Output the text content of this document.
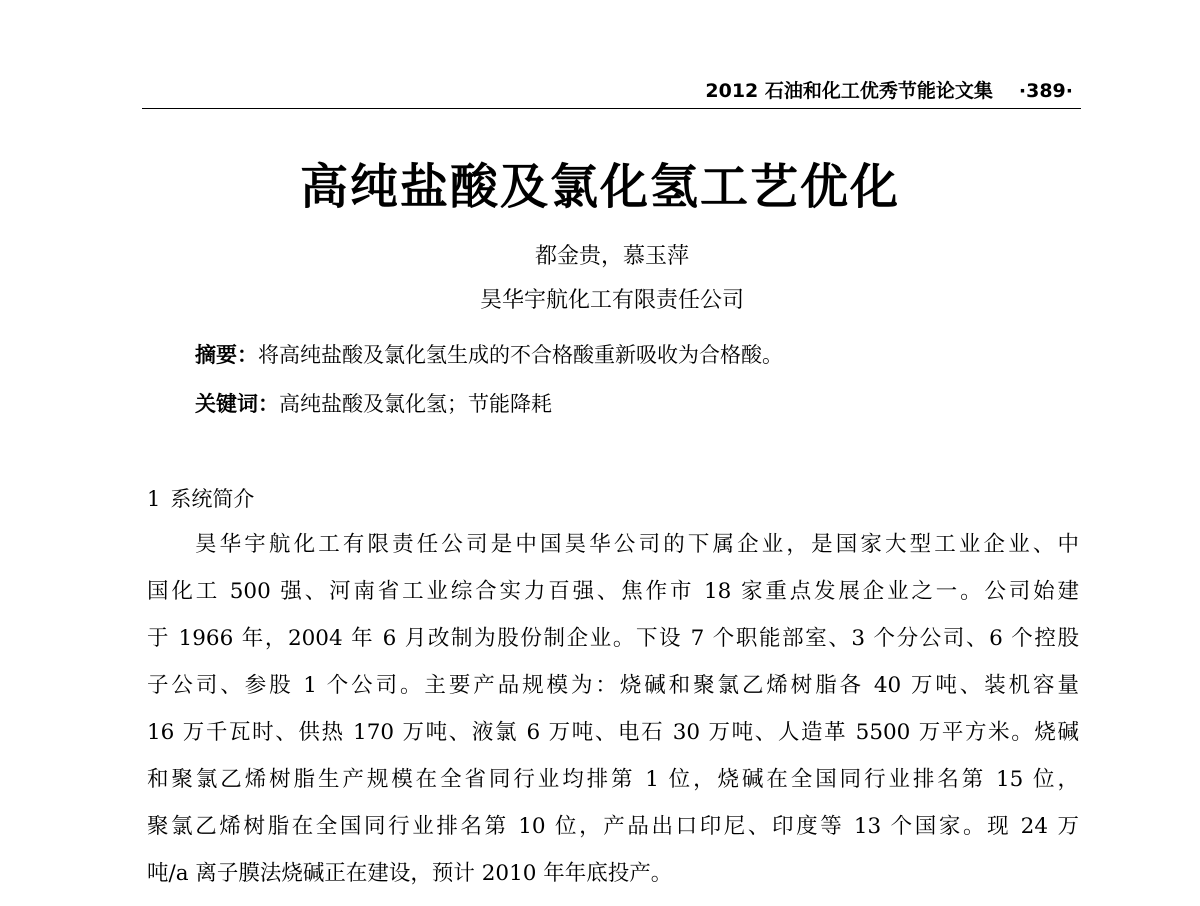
2012 石油和化工优秀节能论文集 ·389·
高纯盐酸及氯化氢工艺优化
都金贵，慕玉萍
昊华宇航化工有限责任公司
摘要：将高纯盐酸及氯化氢生成的不合格酸重新吸收为合格酸。
关键词：高纯盐酸及氯化氢；节能降耗
1 系统简介
昊华宇航化工有限责任公司是中国昊华公司的下属企业，是国家大型工业企业、中
国化工 500 强、河南省工业综合实力百强、焦作市 18 家重点发展企业之一。公司始建
于 1966 年，2004 年 6 月改制为股份制企业。下设 7 个职能部室、3 个分公司、6 个控股
子公司、参股 1 个公司。主要产品规模为：烧碱和聚氯乙烯树脂各 40 万吨、装机容量
16 万千瓦时、供热 170 万吨、液氯 6 万吨、电石 30 万吨、人造革 5500 万平方米。烧碱
和聚氯乙烯树脂生产规模在全省同行业均排第 1 位，烧碱在全国同行业排名第 15 位，
聚氯乙烯树脂在全国同行业排名第 10 位，产品出口印尼、印度等 13 个国家。现 24 万
吨/a 离子膜法烧碱正在建设，预计 2010 年年底投产。
